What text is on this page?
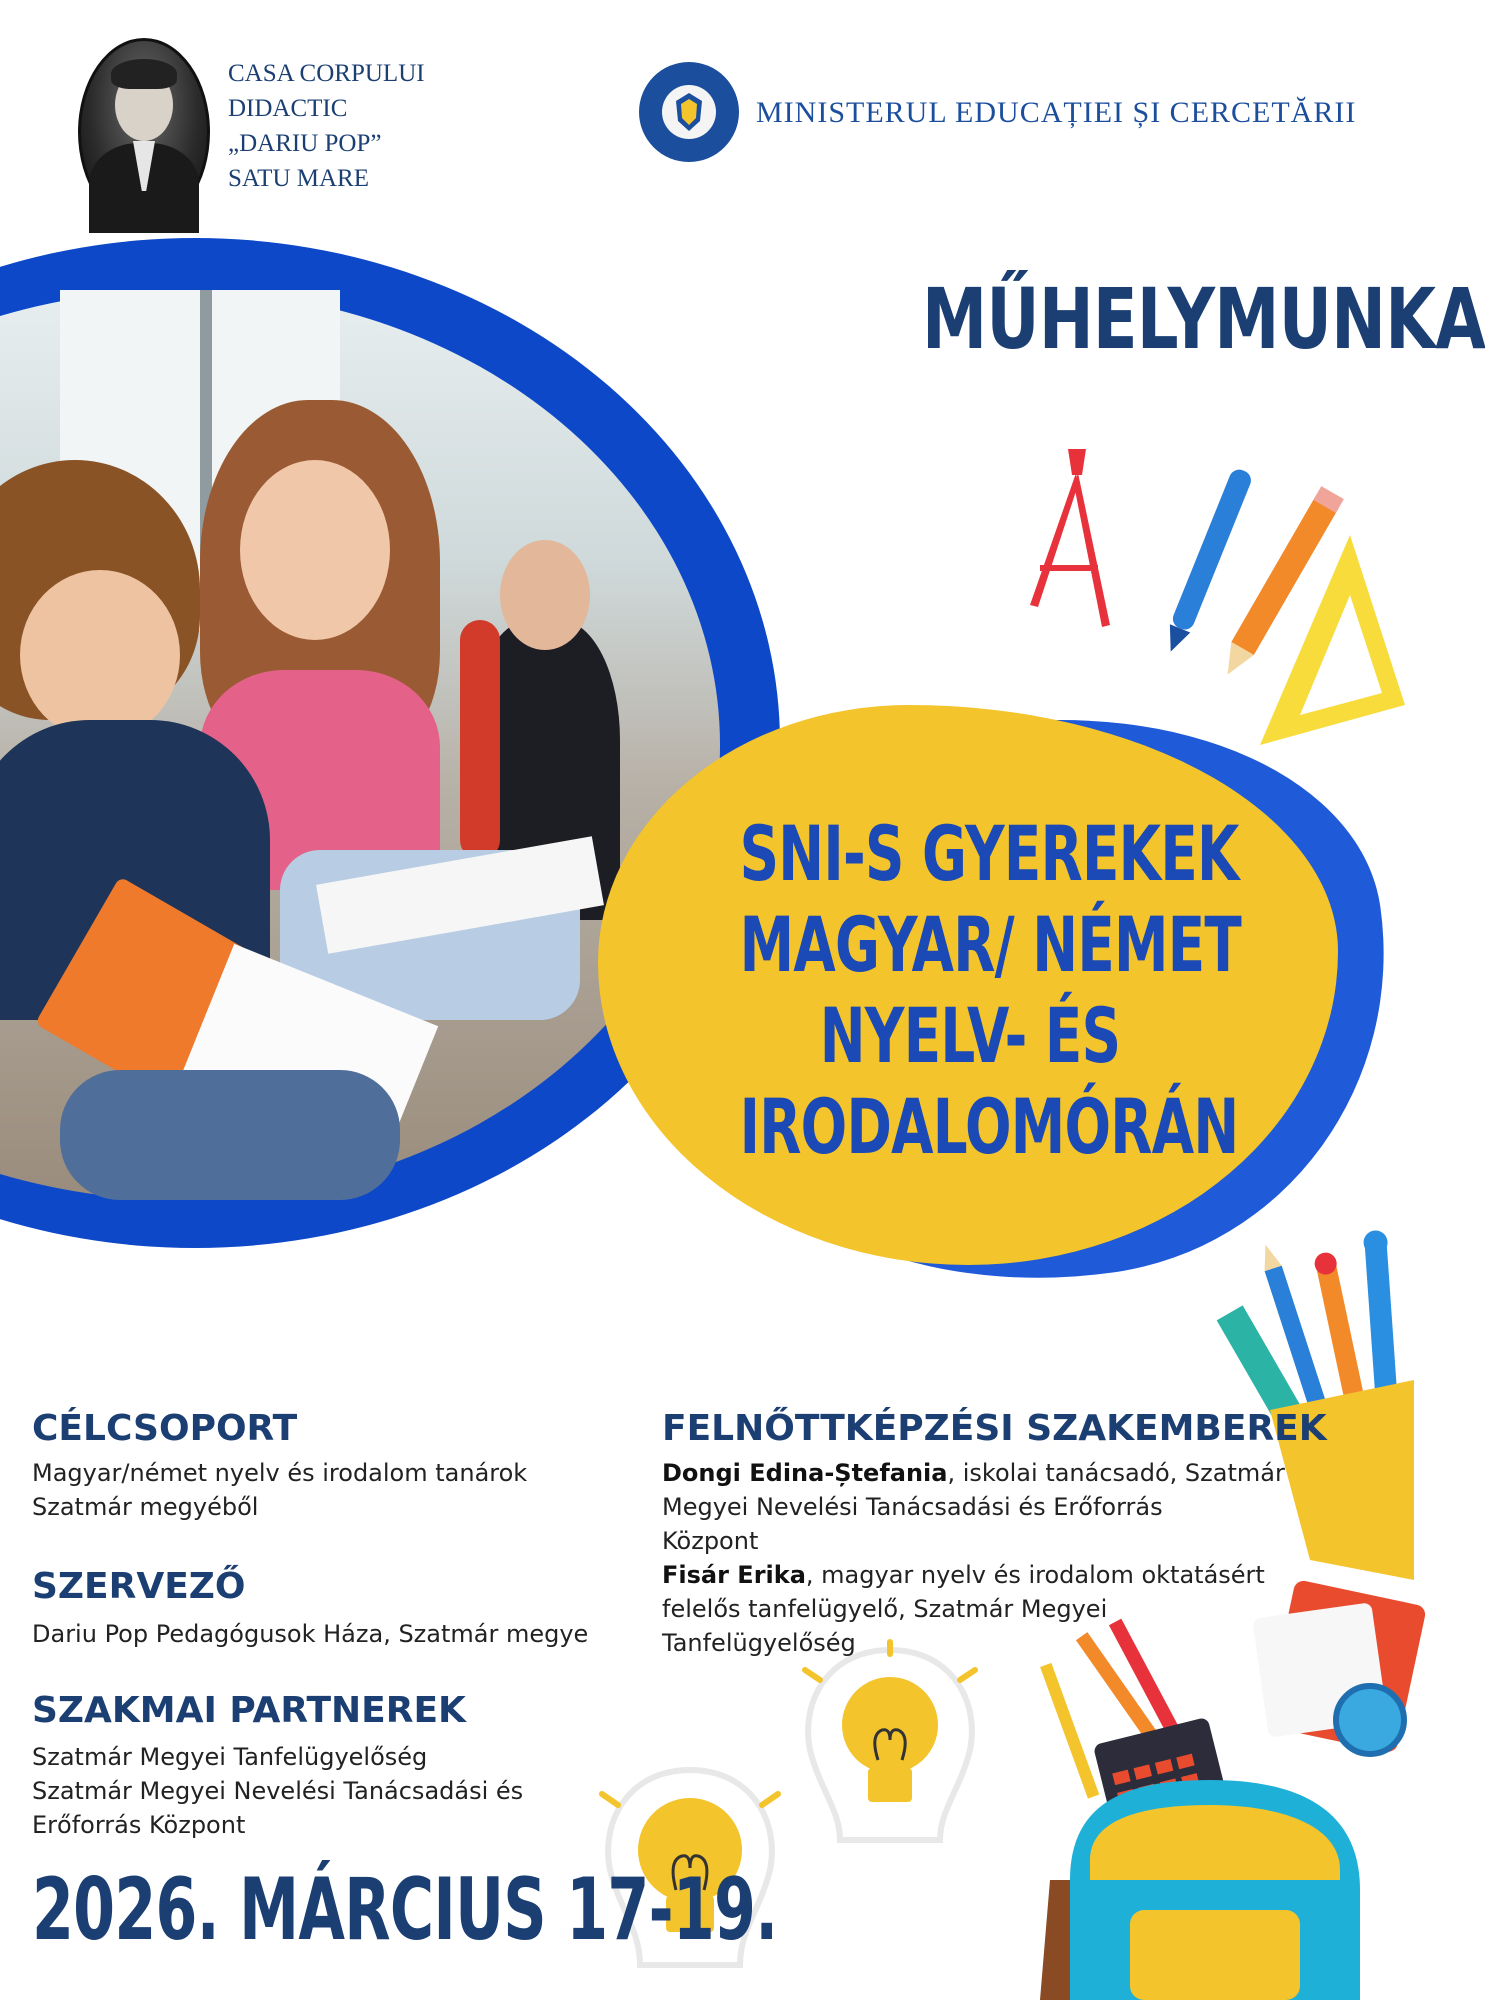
CASA CORPULUI
DIDACTIC
„DARIU POP”
SATU MARE
MINISTERUL EDUCAȚIEI ȘI CERCETĂRII
MŰHELYMUNKA
SNI-S GYEREKEK
MAGYAR/ NÉMET
NYELV- ÉS
IRODALOMÓRÁN
CÉLCSOPORT
Magyar/német nyelv és irodalom tanárok
Szatmár megyéből
SZERVEZŐ
Dariu Pop Pedagógusok Háza, Szatmár megye
SZAKMAI PARTNEREK
Szatmár Megyei Tanfelügyelőség
Szatmár Megyei Nevelési Tanácsadási és
Erőforrás Központ
FELNŐTTKÉPZÉSI SZAKEMBEREK
Dongi Edina-Ștefania, iskolai tanácsadó, Szatmár
Megyei Nevelési Tanácsadási és Erőforrás
Központ
Fisár Erika, magyar nyelv és irodalom oktatásért
felelős tanfelügyelő, Szatmár Megyei
Tanfelügyelőség
2026. MÁRCIUS 17-19.
